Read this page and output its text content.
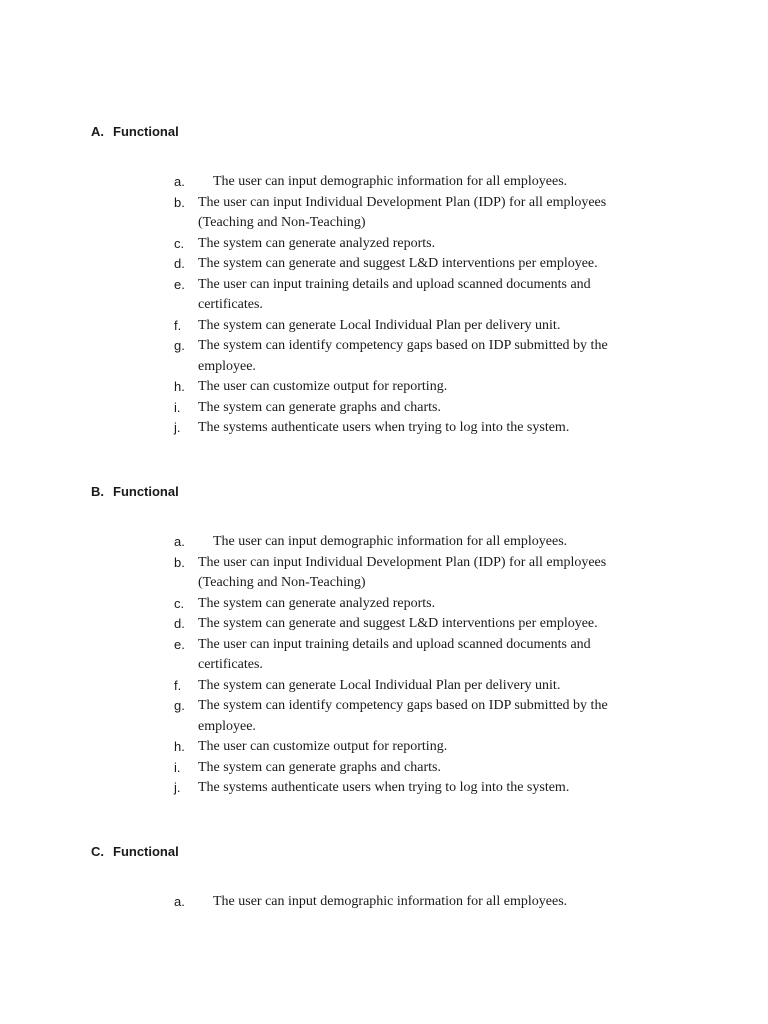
A. Functional
a.	The user can input demographic information for all employees.
b. The user can input Individual Development Plan (IDP) for all employees (Teaching and Non-Teaching)
c. The system can generate analyzed reports.
d. The system can generate and suggest L&D interventions per employee.
e. The user can input training details and upload scanned documents and certificates.
f. The system can generate Local Individual Plan per delivery unit.
g. The system can identify competency gaps based on IDP submitted by the employee.
h. The user can customize output for reporting.
i. The system can generate graphs and charts.
j. The systems authenticate users when trying to log into the system.
B. Functional
a.	The user can input demographic information for all employees.
b. The user can input Individual Development Plan (IDP) for all employees (Teaching and Non-Teaching)
c. The system can generate analyzed reports.
d. The system can generate and suggest L&D interventions per employee.
e. The user can input training details and upload scanned documents and certificates.
f. The system can generate Local Individual Plan per delivery unit.
g. The system can identify competency gaps based on IDP submitted by the employee.
h. The user can customize output for reporting.
i. The system can generate graphs and charts.
j. The systems authenticate users when trying to log into the system.
C. Functional
a.	The user can input demographic information for all employees.
